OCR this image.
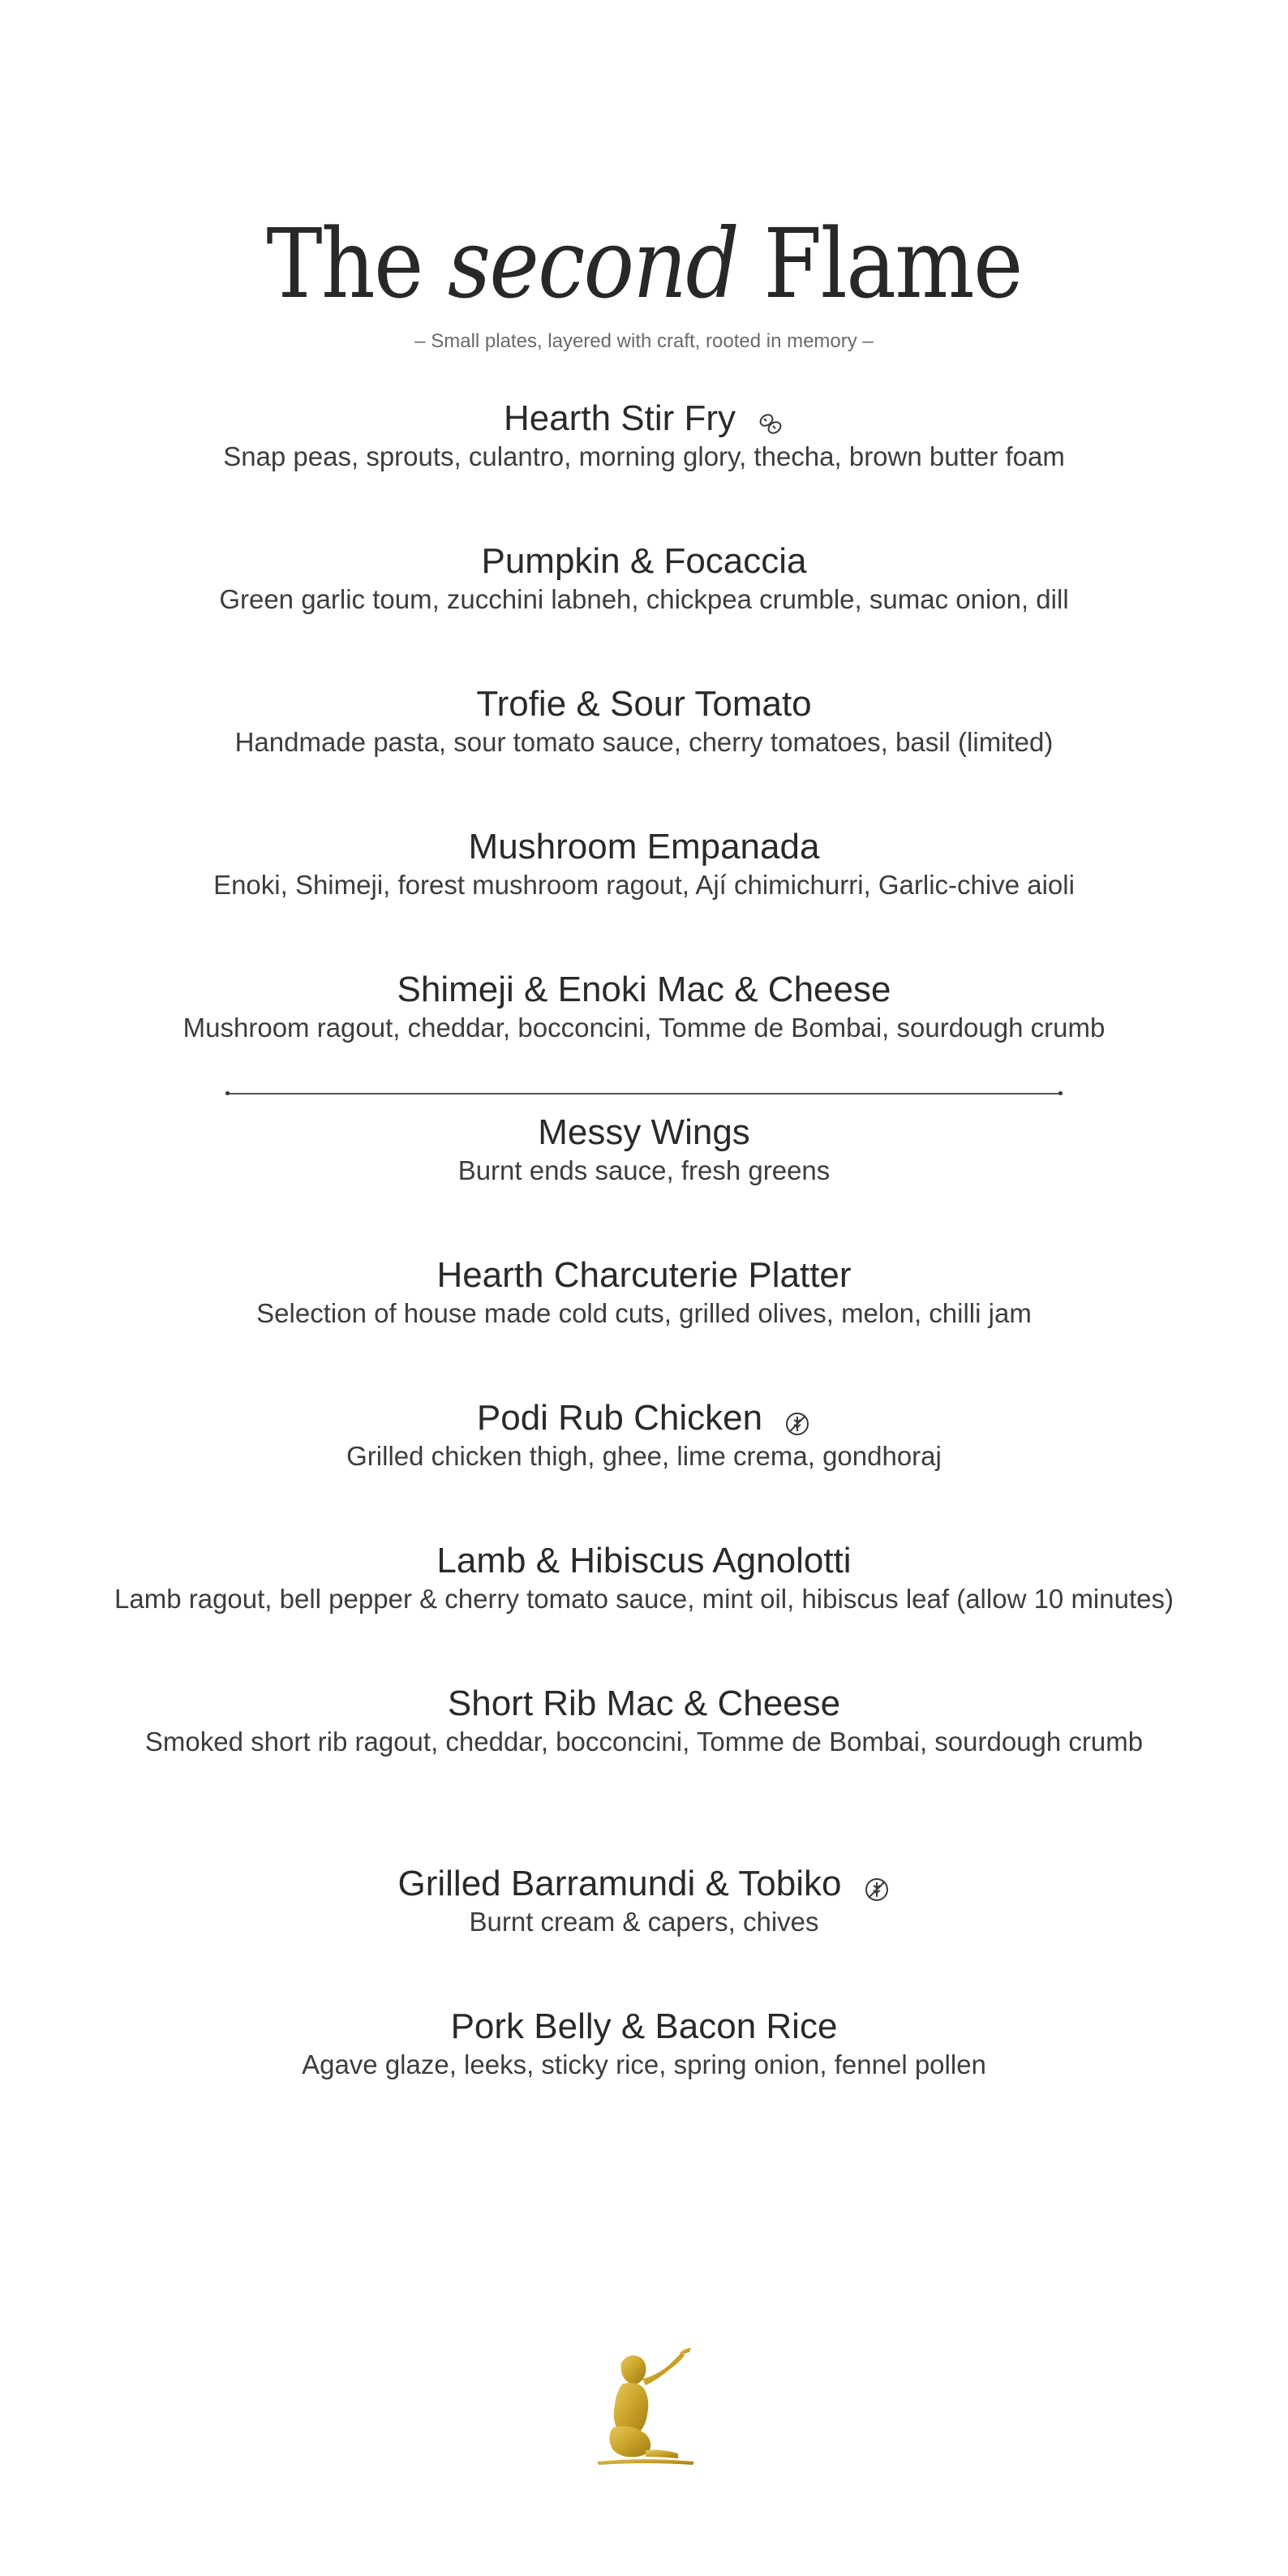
The second Flame
– Small plates, layered with craft, rooted in memory –
Hearth Stir Fry
Snap peas, sprouts, culantro, morning glory, thecha, brown butter foam
Pumpkin & Focaccia
Green garlic toum, zucchini labneh, chickpea crumble, sumac onion, dill
Trofie & Sour Tomato
Handmade pasta, sour tomato sauce, cherry tomatoes, basil (limited)
Mushroom Empanada
Enoki, Shimeji, forest mushroom ragout, Ají chimichurri, Garlic-chive aioli
Shimeji & Enoki Mac & Cheese
Mushroom ragout, cheddar, bocconcini, Tomme de Bombai, sourdough crumb
Messy Wings
Burnt ends sauce, fresh greens
Hearth Charcuterie Platter
Selection of house made cold cuts, grilled olives, melon, chilli jam
Podi Rub Chicken
Grilled chicken thigh, ghee, lime crema, gondhoraj
Lamb & Hibiscus Agnolotti
Lamb ragout, bell pepper & cherry tomato sauce, mint oil, hibiscus leaf (allow 10 minutes)
Short Rib Mac & Cheese
Smoked short rib ragout, cheddar, bocconcini, Tomme de Bombai, sourdough crumb
Grilled Barramundi & Tobiko
Burnt cream & capers, chives
Pork Belly & Bacon Rice
Agave glaze, leeks, sticky rice, spring onion, fennel pollen
